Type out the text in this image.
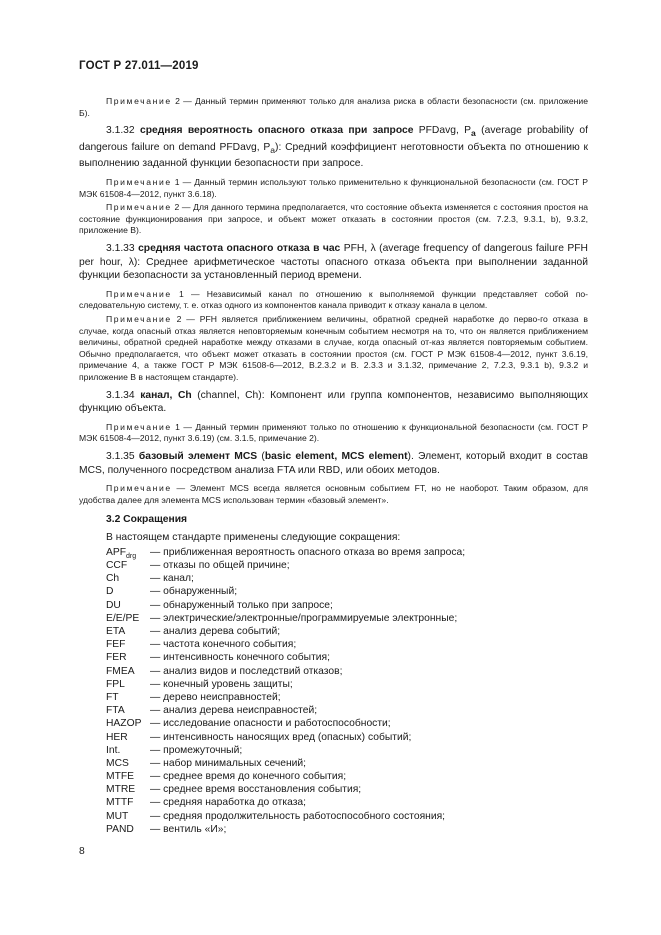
ГОСТ Р 27.011—2019

Примечание 2 — Данный термин применяют только для анализа риска в области безопасности (см. приложение Б).

3.1.32 средняя вероятность опасного отказа при запросе PFDavg, $P_a$ (average probability of dangerous failure on demand PFDavg, $P_a$): Средний коэффициент неготовности объекта по отношению к выполнению заданной функции безопасности при запросе.

Примечание 1 — Данный термин используют только применительно к функциональной безопасности (см. ГОСТ Р МЭК 61508-4—2012, пункт 3.6.18).

Примечание 2 — Для данного термина предполагается, что состояние объекта изменяется с состояния простоя на состояние функционирования при запросе, и объект может отказать в состоянии простоя (см. 7.2.3, 9.3.1, b), 9.3.2, приложение В).

3.1.33 средняя частота опасного отказа в час PFH, λ (average frequency of dangerous failure PFH per hour, λ): Среднее арифметическое частоты опасного отказа объекта при выполнении заданной функции безопасности за установленный период времени.

Примечание 1 — Независимый канал по отношению к выполняемой функции представляет собой по-следовательную систему, т. е. отказ одного из компонентов канала приводит к отказу канала в целом.

Примечание 2 — PFH является приближением величины, обратной средней наработке до перво-го отказа в случае, когда опасный отказ является неповторяемым конечным событием несмотря на то, что он является приближением величины, обратной средней наработке между отказами в случае, когда опасный от-каз является повторяемым событием. Обычно предполагается, что объект может отказать в состоянии простоя (см. ГОСТ Р МЭК 61508-4—2012, пункт 3.6.19, примечание 4, а также ГОСТ Р МЭК 61508-6—2012, В.2.3.2 и В. 2.3.3 и 3.1.32, примечание 2, 7.2.3, 9.3.1 b), 9.3.2 и приложение В в настоящем стандарте).

3.1.34 канал, Ch (channel, Ch): Компонент или группа компонентов, независимо выполняющих функцию объекта.

Примечание 1 — Данный термин применяют только по отношению к функциональной безопасности (см. ГОСТ Р МЭК 61508-4—2012, пункт 3.6.19) (см. 3.1.5, примечание 2).

3.1.35 базовый элемент MCS (basic element, MCS element). Элемент, который входит в состав MCS, полученного посредством анализа FTA или RBD, или обоих методов.

Примечание — Элемент MCS всегда является основным событием FT, но не наоборот. Таким образом, для удобства далее для элемента MCS использован термин «базовый элемент».

3.2 Сокращения
В настоящем стандарте применены следующие сокращения:
$APF_{drg}$	— приближенная вероятность опасного отказа во время запроса;
CCF	— отказы по общей причине;
Ch	— канал;
D	— обнаруженный;
DU	— обнаруженный только при запросе;
E/E/PE	— электрические/электронные/программируемые электронные;
ETA	— анализ дерева событий;
FEF	— частота конечного события;
FER	— интенсивность конечного события;
FMEA	— анализ видов и последствий отказов;
FPL	— конечный уровень защиты;
FT	— дерево неисправностей;
FTA	— анализ дерева неисправностей;
HAZOP — исследование опасности и работоспособности;
HER	— интенсивность наносящих вред (опасных) событий;
Int.	— промежуточный;
MCS	— набор минимальных сечений;
MTFE	— среднее время до конечного события;
MTRE	— среднее время восстановления события;
MTTF	— средняя наработка до отказа;
MUT	— средняя продолжительность работоспособного состояния;
PAND	— вентиль «И»;
8
